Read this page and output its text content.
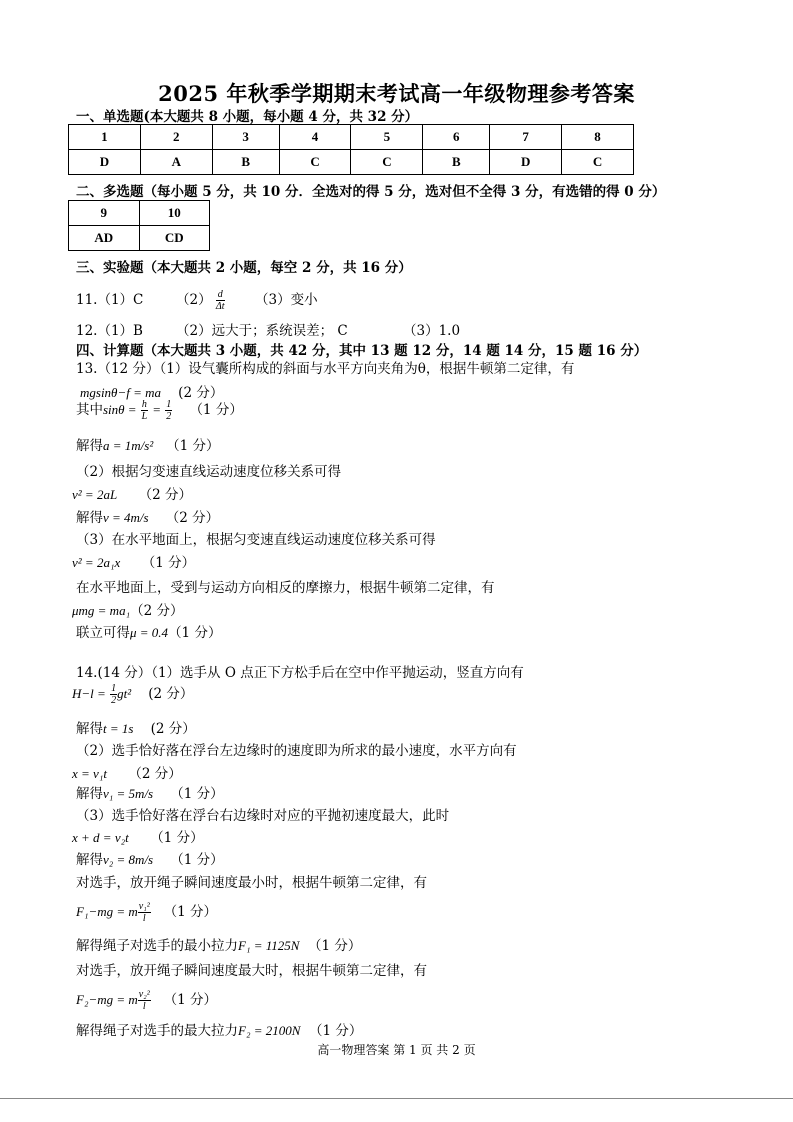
2025 年秋季学期期末考试高一年级物理参考答案
一、单选题(本大题共 8 小题，每小题 4 分，共 32 分）
1	2	3	4	5	6	7	8
D	A	B	C	C	B	D	C
二、多选题（每小题 5 分，共 10 分．全选对的得 5 分，选对但不全得 3 分，有选错的得 0 分）
9	10
AD	CD
三、实验题（本大题共 2 小题，每空 2 分，共 16 分）
11.（1）C $(2) \frac{d}{\Delta t} (3)$变小
12.（1）B （2）远大于；系统误差； C	（3）1.0
四、计算题（本大题共 3 小题，共 42 分，其中 13 题 12 分，14 题 14 分，15 题 16 分）
13.（12 分）（1）设气囊所构成的斜面与水平方向夹角为θ，根据牛顿第二定律，有
mgsinθ−f = ma (2 分）
其中$\sin\theta = \frac{h}{L} = \frac{1}{2} (1$ 分）
解得a = 1m/s² （1 分）
（2）根据匀变速直线运动速度位移关系可得
v² = 2aL （2 分）
解得v = 4m/s （2 分）
（3）在水平地面上，根据匀变速直线运动速度位移关系可得
v² = 2a₁x （1 分）
在水平地面上，受到与运动方向相反的摩擦力，根据牛顿第二定律，有
μmg = ma₁（2 分）
联立可得μ = 0.4（1 分）
14.(14 分）（1）选手从 O 点正下方松手后在空中作平抛运动，竖直方向有
$H-l = \frac{1}{2} gt^2$ (2 分）
解得t = 1s (2 分）
（2）选手恰好落在浮台左边缘时的速度即为所求的最小速度，水平方向有
x = v₁t （2 分）
解得v₁ = 5m/s （1 分）
（3）选手恰好落在浮台右边缘时对应的平抛初速度最大，此时
x + d = v₂t （1 分）
解得v₂ = 8m/s （1 分）
对选手，放开绳子瞬间速度最小时，根据牛顿第二定律，有
F₁−mg = m $\frac{\text{v₁²}}{l} (1$ 分）
解得绳子对选手的最小拉力F₁ = 1125N （1 分）
对选手，放开绳子瞬间速度最大时，根据牛顿第二定律，有
F₂−mg = m $\frac{\text{v₂²}}{l} (1$ 分）
解得绳子对选手的最大拉力F₂ = 2100N （1 分）
高一物理答案 第 1 页 共 2 页
